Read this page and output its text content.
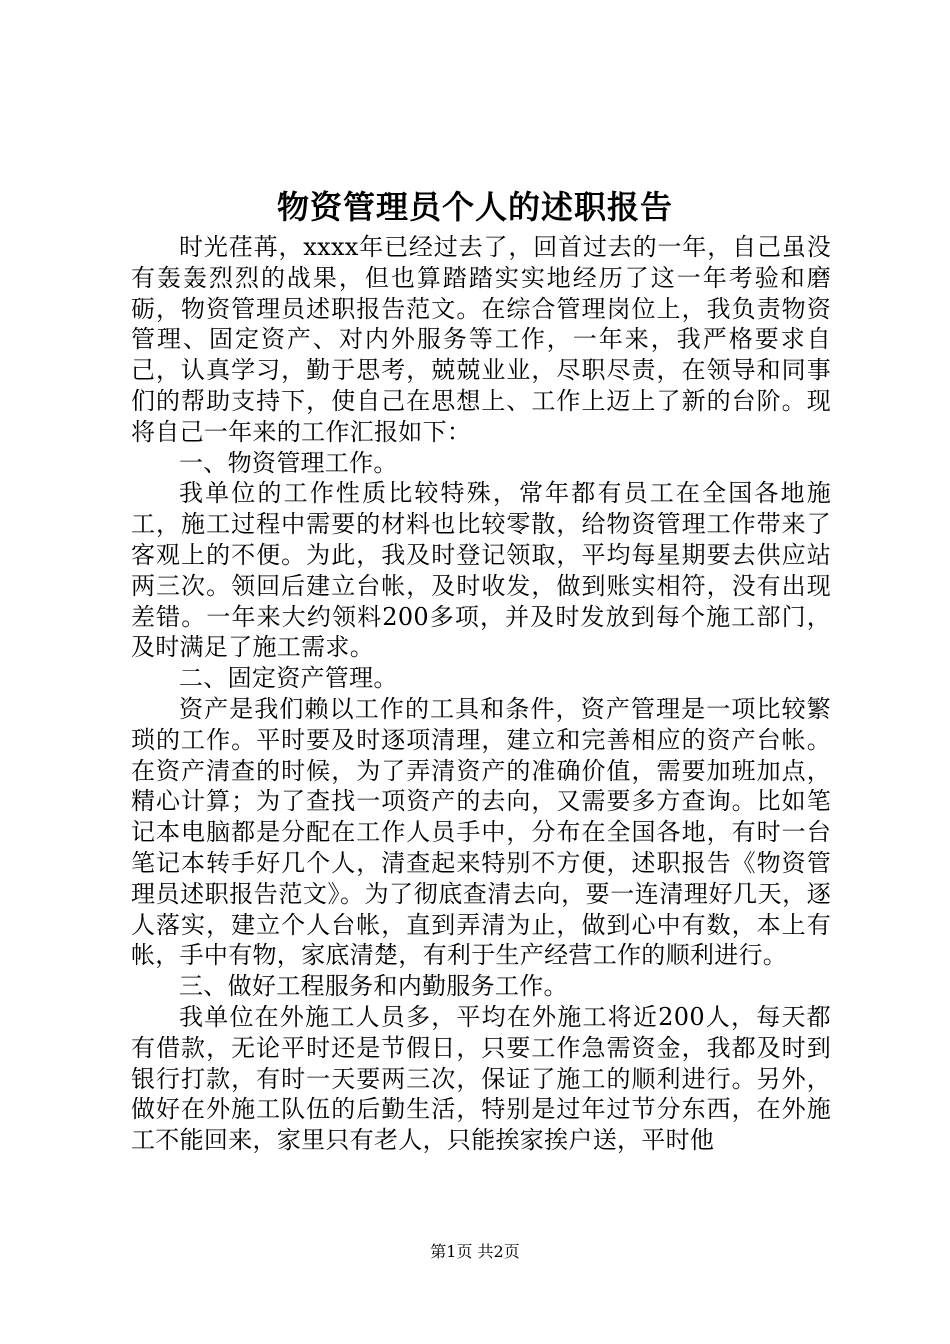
物资管理员个人的述职报告

时光荏苒，xxxx年已经过去了，回首过去的一年，自己虽没有轰轰烈烈的战果，但也算踏踏实实地经历了这一年考验和磨砺，物资管理员述职报告范文。在综合管理岗位上，我负责物资管理、固定资产、对内外服务等工作，一年来，我严格要求自己，认真学习，勤于思考，兢兢业业，尽职尽责，在领导和同事们的帮助支持下，使自己在思想上、工作上迈上了新的台阶。现将自己一年来的工作汇报如下：

一、物资管理工作。

我单位的工作性质比较特殊，常年都有员工在全国各地施工，施工过程中需要的材料也比较零散，给物资管理工作带来了客观上的不便。为此，我及时登记领取，平均每星期要去供应站两三次。领回后建立台帐，及时收发，做到账实相符，没有出现差错。一年来大约领料200多项，并及时发放到每个施工部门，及时满足了施工需求。

二、固定资产管理。

资产是我们赖以工作的工具和条件，资产管理是一项比较繁琐的工作。平时要及时逐项清理，建立和完善相应的资产台帐。在资产清查的时候，为了弄清资产的准确价值，需要加班加点，精心计算；为了查找一项资产的去向，又需要多方查询。比如笔记本电脑都是分配在工作人员手中，分布在全国各地，有时一台笔记本转手好几个人，清查起来特别不方便，述职报告《物资管理员述职报告范文》。为了彻底查清去向，要一连清理好几天，逐人落实，建立个人台帐，直到弄清为止，做到心中有数，本上有帐，手中有物，家底清楚，有利于生产经营工作的顺利进行。

三、做好工程服务和内勤服务工作。

我单位在外施工人员多，平均在外施工将近200人，每天都有借款，无论平时还是节假日，只要工作急需资金，我都及时到银行打款，有时一天要两三次，保证了施工的顺利进行。另外，做好在外施工队伍的后勤生活，特别是过年过节分东西，在外施工不能回来，家里只有老人，只能挨家挨户送，平时他

第1页 共2页
